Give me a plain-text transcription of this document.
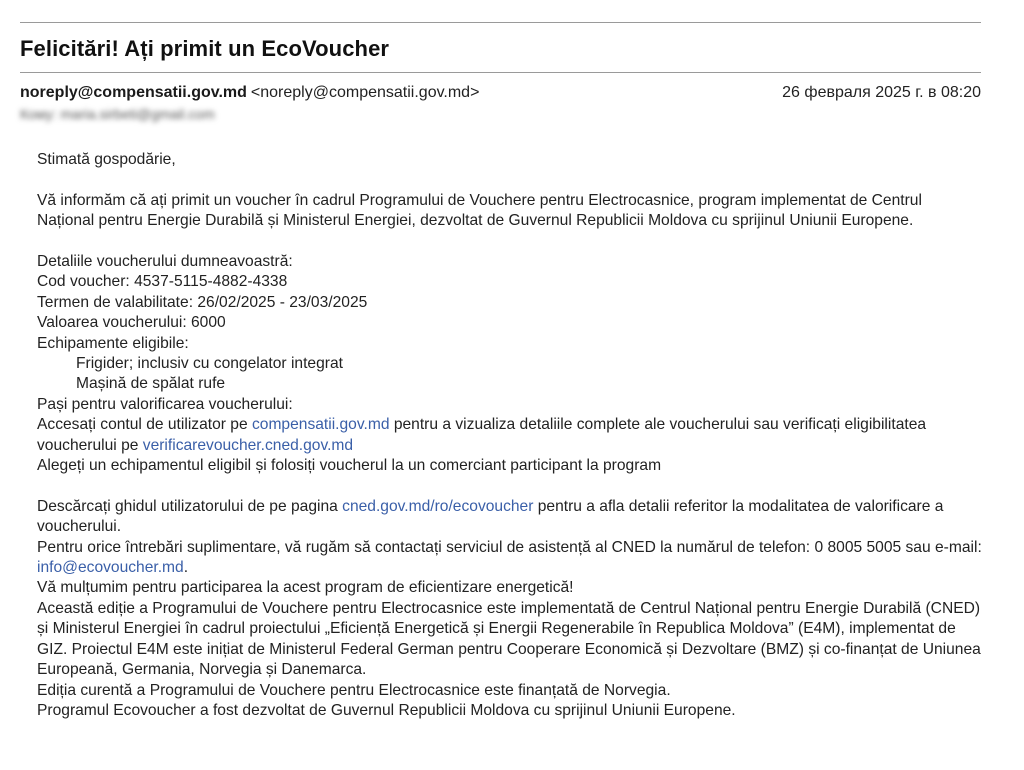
Felicitări! Ați primit un EcoVoucher
noreply@compensatii.gov.md <noreply@compensatii.gov.md>	26 февраля 2025 г. в 08:20
Кому: maria.sirbeti@gmail.com

Stimată gospodărie,

Vă informăm că ați primit un voucher în cadrul Programului de Vouchere pentru Electrocasnice, program implementat de Centrul Național pentru Energie Durabilă și Ministerul Energiei, dezvoltat de Guvernul Republicii Moldova cu sprijinul Uniunii Europene.

Detaliile voucherului dumneavoastră:

Cod voucher: 4537-5115-4882-4338

Termen de valabilitate: 26/02/2025 - 23/03/2025

Valoarea voucherului: 6000

Echipamente eligibile:

Frigider; inclusiv cu congelator integrat

Mașină de spălat rufe

Pași pentru valorificarea voucherului:

Accesați contul de utilizator pe compensatii.gov.md pentru a vizualiza detaliile complete ale voucherului sau verificați eligibilitatea voucherului pe verificarevoucher.cned.gov.md

Alegeți un echipamentul eligibil și folosiți voucherul la un comerciant participant la program

Descărcați ghidul utilizatorului de pe pagina cned.gov.md/ro/ecovoucher pentru a afla detalii referitor la modalitatea de valorificare a voucherului.

Pentru orice întrebări suplimentare, vă rugăm să contactați serviciul de asistență al CNED la numărul de telefon: 0 8005 5005 sau e-mail: info@ecovoucher.md.

Vă mulțumim pentru participarea la acest program de eficientizare energetică!

Această ediție a Programului de Vouchere pentru Electrocasnice este implementată de Centrul Național pentru Energie Durabilă (CNED) și Ministerul Energiei în cadrul proiectului „Eficiență Energetică și Energii Regenerabile în Republica Moldova” (E4M), implementat de GIZ. Proiectul E4M este inițiat de Ministerul Federal German pentru Cooperare Economică și Dezvoltare (BMZ) și co-finanțat de Uniunea Europeană, Germania, Norvegia și Danemarca.

Ediția curentă a Programului de Vouchere pentru Electrocasnice este finanțată de Norvegia.

Programul Ecovoucher a fost dezvoltat de Guvernul Republicii Moldova cu sprijinul Uniunii Europene.
